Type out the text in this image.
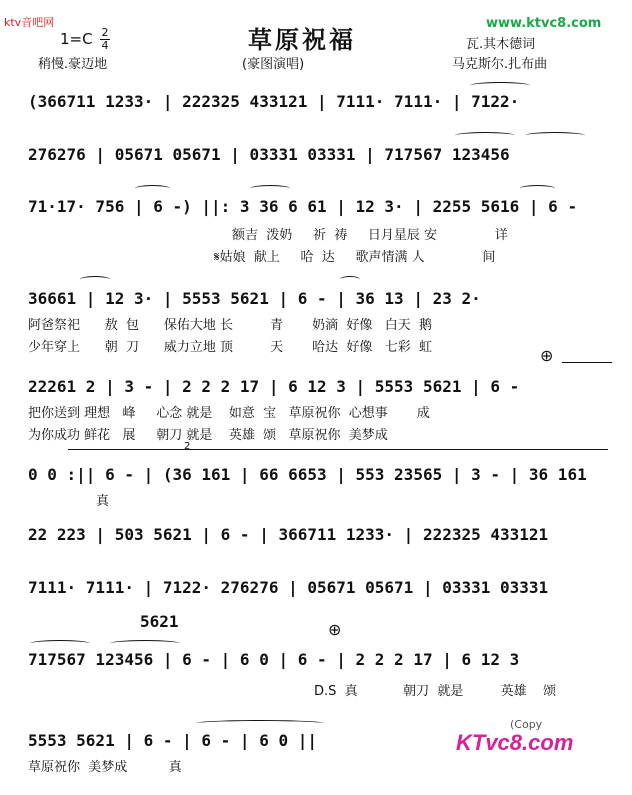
ktv音吧网	www.ktvc8.com
1=C 2
4	草原祝福	瓦.其木德词
稍慢.豪迈地	(豪图演唱)	马克斯尔.扎布曲
(366711 1233· | 222325 433121 | 7111· 7111· | 7122·
276276 | 05671 05671 | 03331 03331 | 717567 123456
71·17· 756 | 6 -) ||: 3 36 6 61 | 12 3· | 2255 5616 | 6 -
额吉  泼奶     祈  祷     日月星辰 安              详
𝄋姑娘  献上     哈  达     歌声情满 人              间
36661 | 12 3· | 5553 5621 | 6 - | 36 13 | 23 2·
阿爸祭祀      敖  包      保佑大地 长         青       奶滴  好像   白天  鹅
少年穿上      朝  刀      威力立地 顶         天       哈达  好像   七彩  虹
22261 2 | 3 - | 2 2 2 17 | 6 12 3 | 5553 5621 | 6 -
⊕
把你送到 理想   峰     心念 就是    如意  宝   草原祝你  心想事       成
为你成功 鲜花   展     朝刀 就是    英雄  颂   草原祝你  美梦成
2
0 0 :|| 6 - | (36 161 | 66 6653 | 553 23565 | 3 - | 36 161
真
22 223 | 503 5621 | 6 - | 366711 1233· | 222325 433121
7111· 7111· | 7122· 276276 | 05671 05671 | 03331 03331
5621	⊕
717567 123456 | 6 - | 6 0 | 6 - | 2 2 2 17 | 6 12 3
D.S  真           朝刀  就是         英雄    颂
5553 5621 | 6 - | 6 - | 6 0 ||
草原祝你  美梦成          真
KTvc8.com
(Copy
